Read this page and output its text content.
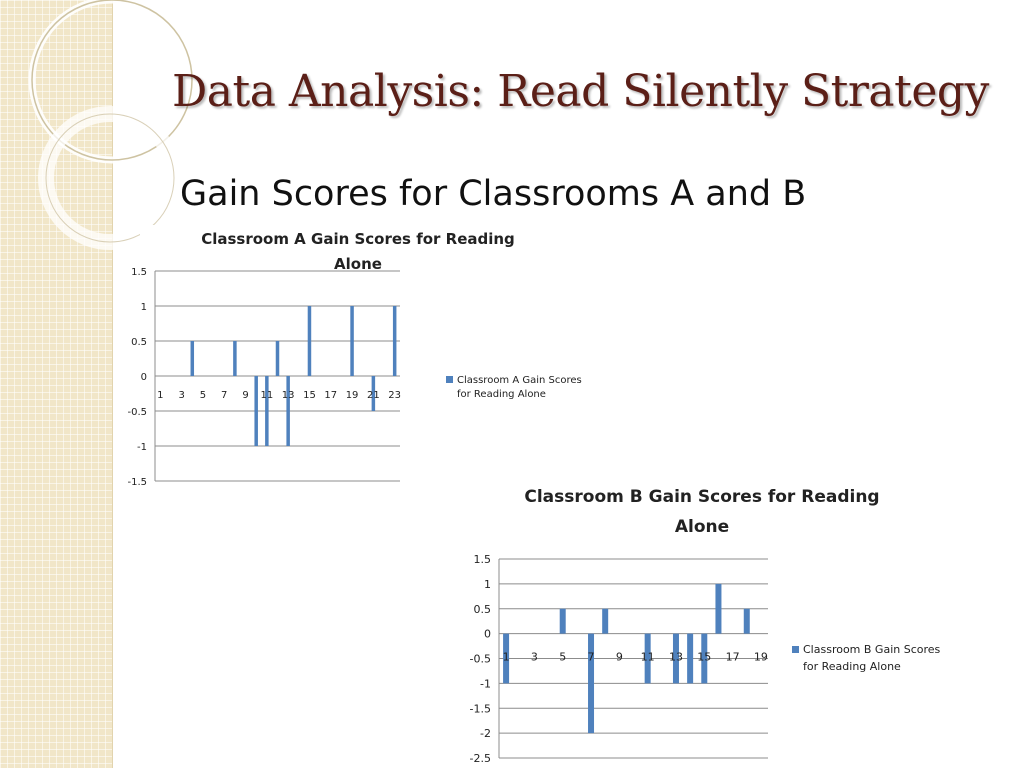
Data Analysis: Read Silently Strategy
Gain Scores for Classrooms A and B
Classroom A Gain Scores for Reading Alone
1.5
1
0.5
0
-0.5
-1
-1.5
1 3 5 7 9 11 13 15 17 19 21 23
Classroom A Gain Scores for Reading Alone
Classroom B Gain Scores for Reading Alone
1.5
1
0.5
0
-0.5
-1
-1.5
-2
-2.5
1 3 5 7 9 11 13 15 17 19
Classroom B Gain Scores for Reading Alone
